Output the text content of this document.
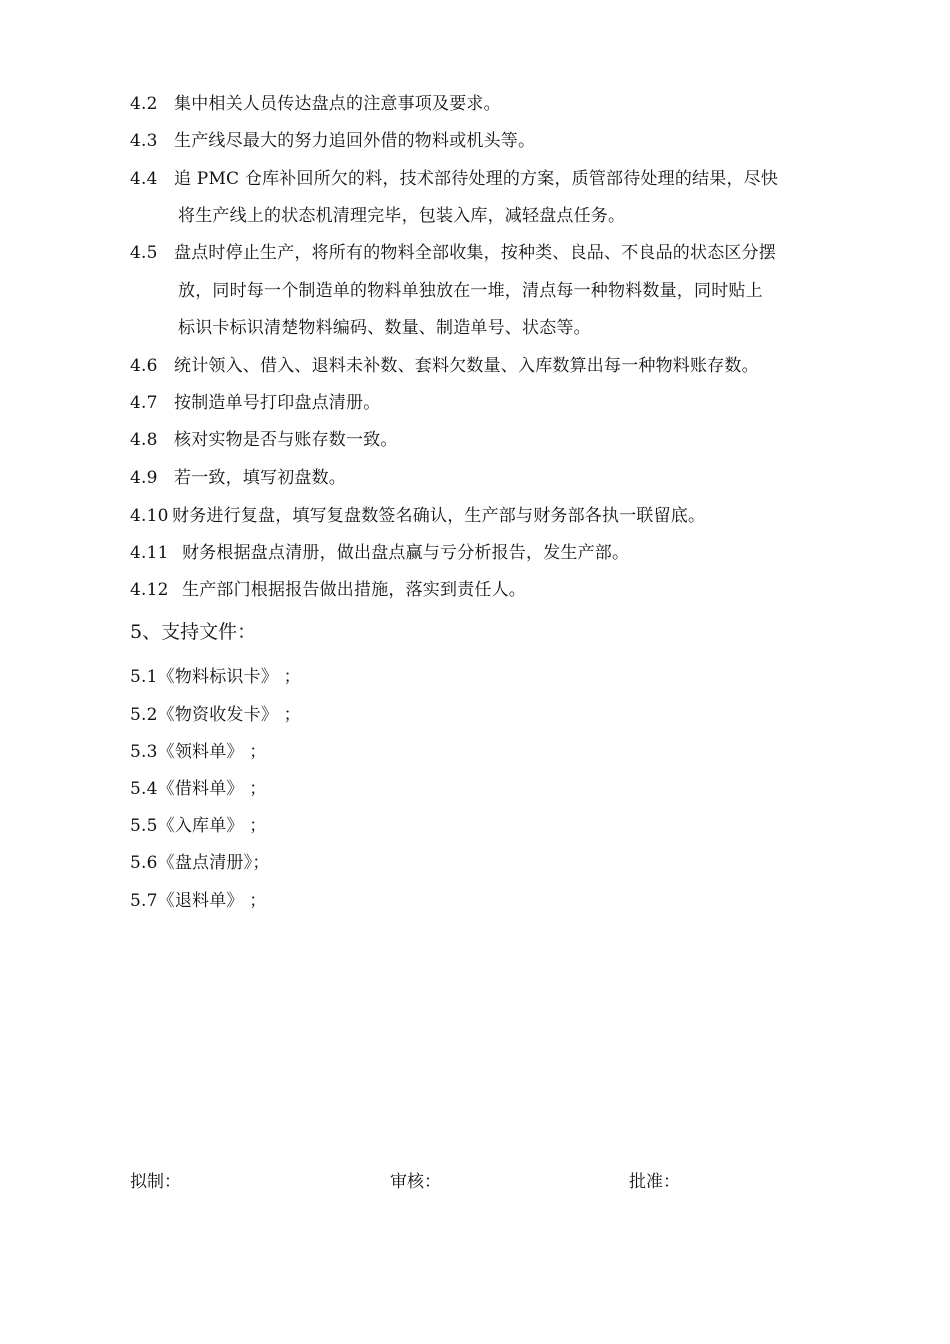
4.2 集中相关人员传达盘点的注意事项及要求。
4.3 生产线尽最大的努力追回外借的物料或机头等。
4.4 追 PMC 仓库补回所欠的料，技术部待处理的方案，质管部待处理的结果，尽快
将生产线上的状态机清理完毕，包装入库，减轻盘点任务。
4.5 盘点时停止生产，将所有的物料全部收集，按种类、良品、不良品的状态区分摆
放，同时每一个制造单的物料单独放在一堆，清点每一种物料数量，同时贴上
标识卡标识清楚物料编码、数量、制造单号、状态等。
4.6 统计领入、借入、退料未补数、套料欠数量、入库数算出每一种物料账存数。
4.7 按制造单号打印盘点清册。
4.8 核对实物是否与账存数一致。
4.9 若一致，填写初盘数。
4.10 财务进行复盘，填写复盘数签名确认，生产部与财务部各执一联留底。
4.11 财务根据盘点清册，做出盘点赢与亏分析报告，发生产部。
4.12 生产部门根据报告做出措施，落实到责任人。
5、支持文件：
5.1《物料标识卡》 ；
5.2《物资收发卡》 ；
5.3《领料单》 ；
5.4《借料单》 ；
5.5《入库单》 ；
5.6《盘点清册》；
5.7《退料单》 ；
拟制：	审核：	批准：
